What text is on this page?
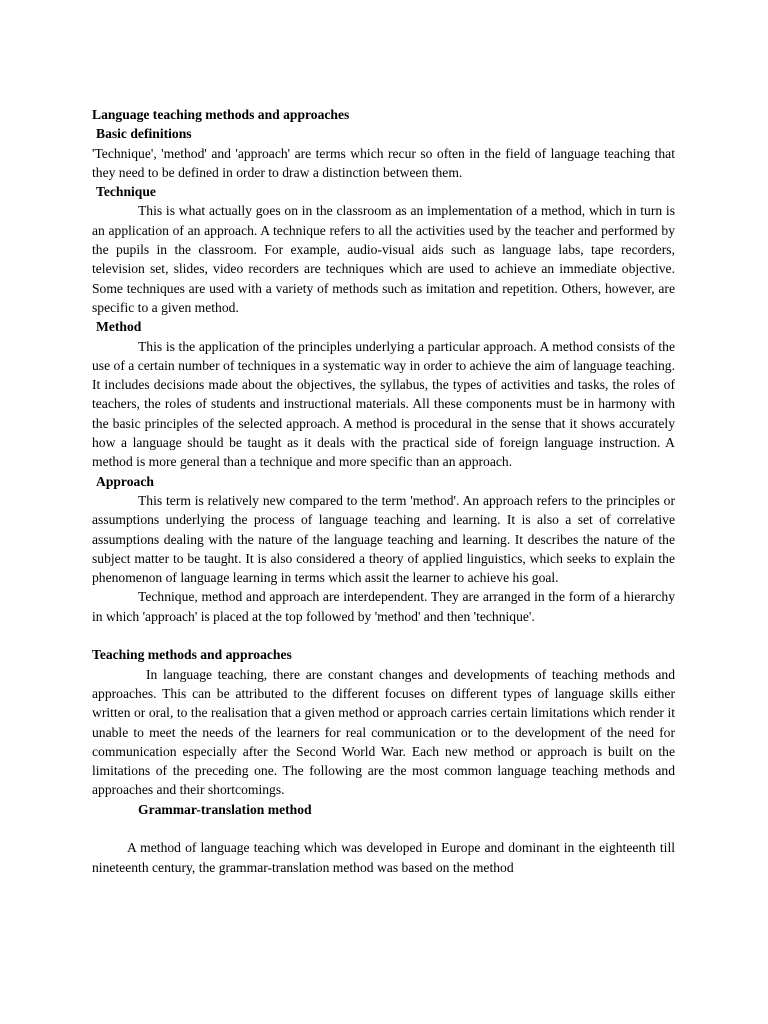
Language teaching methods and approaches
Basic definitions

'Technique', 'method' and 'approach' are terms which recur so often in the field of language teaching that they need to be defined in order to draw a distinction between them.

Technique

This is what actually goes on in the classroom as an implementation of a method, which in turn is an application of an approach. A technique refers to all the activities used by the teacher and performed by the pupils in the classroom. For example, audio-visual aids such as language labs, tape recorders, television set, slides, video recorders are techniques which are used to achieve an immediate objective. Some techniques are used with a variety of methods such as imitation and repetition. Others, however, are specific to a given method.

Method

This is the application of the principles underlying a particular approach. A method consists of the use of a certain number of techniques in a systematic way in order to achieve the aim of language teaching. It includes decisions made about the objectives, the syllabus, the types of activities and tasks, the roles of teachers, the roles of students and instructional materials. All these components must be in harmony with the basic principles of the selected approach. A method is procedural in the sense that it shows accurately how a language should be taught as it deals with the practical side of foreign language instruction. A method is more general than a technique and more specific than an approach.

Approach

This term is relatively new compared to the term 'method'. An approach refers to the principles or assumptions underlying the process of language teaching and learning. It is also a set of correlative assumptions dealing with the nature of the language teaching and learning. It describes the nature of the subject matter to be taught. It is also considered a theory of applied linguistics, which seeks to explain the phenomenon of language learning in terms which assit the learner to achieve his goal.

Technique, method and approach are interdependent. They are arranged in the form of a hierarchy in which 'approach' is placed at the top followed by 'method' and then 'technique'.

Teaching methods and approaches

In language teaching, there are constant changes and developments of teaching methods and approaches. This can be attributed to the different focuses on different types of language skills either written or oral, to the realisation that a given method or approach carries certain limitations which render it unable to meet the needs of the learners for real communication or to the development of the need for communication especially after the Second World War. Each new method or approach is built on the limitations of the preceding one. The following are the most common language teaching methods and approaches and their shortcomings.

Grammar-translation method

A method of language teaching which was developed in Europe and dominant in the eighteenth till nineteenth century, the grammar-translation method was based on the method
